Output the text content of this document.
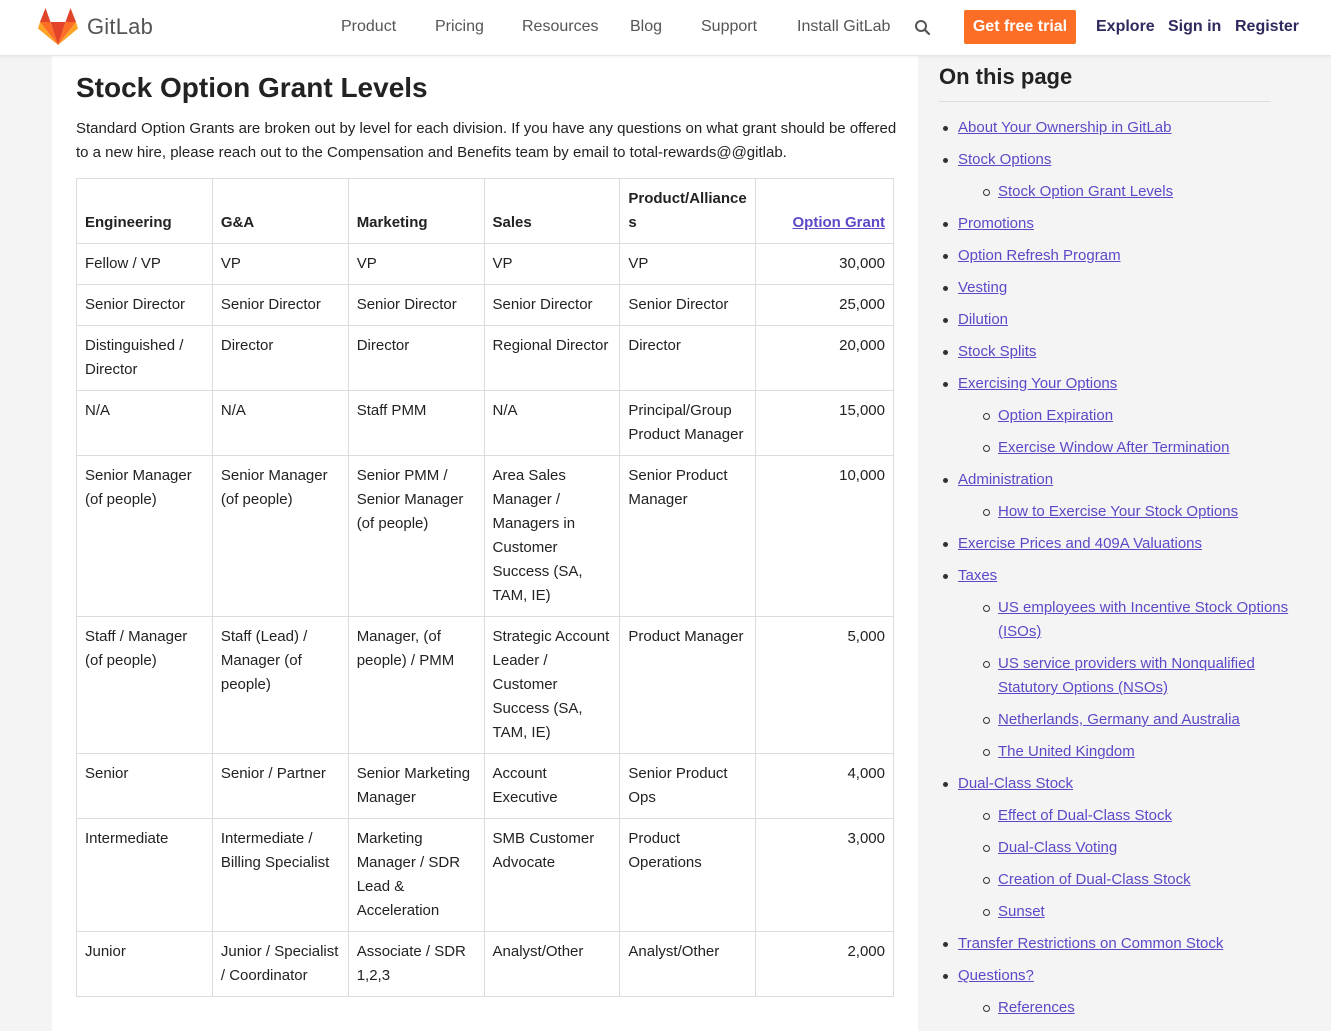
GitLab	Product Pricing Resources Blog Support Install GitLab	Get free trial	Explore Sign in Register
Stock Option Grant Levels

Standard Option Grants are broken out by level for each division. If you have any questions on what grant should be offered to a new hire, please reach out to the Compensation and Benefits team by email to total-rewards@@gitlab.

Engineering	G&A	Marketing	Sales	Product/Alliances	Option Grant
Fellow / VP	VP	VP	VP	VP	30,000
Senior Director	Senior Director	Senior Director	Senior Director	Senior Director	25,000
Distinguished / Director	Director	Director	Regional Director	Director	20,000
N/A	N/A	Staff PMM	N/A	Principal/Group Product Manager	15,000
Senior Manager (of people)	Senior Manager (of people)	Senior PMM / Senior Manager (of people)	Area Sales Manager / Managers in Customer Success (SA, TAM, IE)	Senior Product Manager	10,000
Staff / Manager (of people)	Staff (Lead) / Manager (of people)	Manager, (of people) / PMM	Strategic Account Leader / Customer Success (SA, TAM, IE)	Product Manager	5,000
Senior	Senior / Partner	Senior Marketing Manager	Account Executive	Senior Product Ops	4,000
Intermediate	Intermediate / Billing Specialist	Marketing Manager / SDR Lead & Acceleration	SMB Customer Advocate	Product Operations	3,000
Junior	Junior / Specialist / Coordinator	Associate / SDR 1,2,3	Analyst/Other	Analyst/Other	2,000
On this page
About Your Ownership in GitLab
Stock Options
Stock Option Grant Levels
Promotions
Option Refresh Program
Vesting
Dilution
Stock Splits
Exercising Your Options
Option Expiration
Exercise Window After Termination
Administration
How to Exercise Your Stock Options
Exercise Prices and 409A Valuations
Taxes
US employees with Incentive Stock Options (ISOs)
US service providers with Nonqualified Statutory Options (NSOs)
Netherlands, Germany and Australia
The United Kingdom
Dual-Class Stock
Effect of Dual-Class Stock
Dual-Class Voting
Creation of Dual-Class Stock
Sunset
Transfer Restrictions on Common Stock
Questions?
References
